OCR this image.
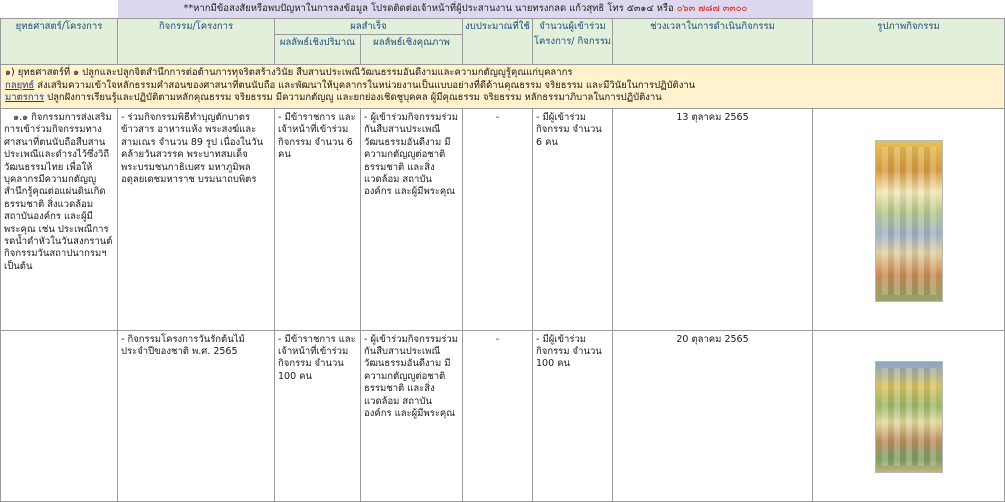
**หากมีข้อสงสัยหรือพบปัญหาในการลงข้อมูล โปรดติดต่อเจ้าหน้าที่ผู้ประสานงาน นายทรงกลด แก้วสุทธิ โทร ๕๓๑๔ หรือ ๐๖๓ ๗๘๗ ๓๓๐๐
ยุทธศาสตร์/โครงการ	กิจกรรม/โครงการ	ผลสำเร็จ		งบประมาณที่ใช้	จำนวนผู้เข้าร่วม โครงการ/ กิจกรรม	ช่วงเวลาในการดำเนินกิจกรรม	รูปภาพกิจกรรม
		ผลลัพธ์เชิงปริมาณ	ผลลัพธ์เชิงคุณภาพ				

๑) ยุทธศาสตร์ที่ ๑ ปลูกและปลูกจิตสำนึกการต่อต้านการทุจริตสร้างวินัย สืบสานประเพณีวัฒนธรรมอันดีงามและความกตัญญูรู้คุณแก่บุคลากร
กลยุทธ์ ส่งเสริมความเข้าใจหลักธรรมคำสอนของศาสนาที่ตนนับถือ และพัฒนาให้บุคลากรในหน่วยงานเป็นแบบอย่างที่ดีด้านคุณธรรม จริยธรรม และมีวินัยในการปฏิบัติงาน
มาตรการ ปลูกฝังการเรียนรู้และปฏิบัติตามหลักคุณธรรม จริยธรรม มีความกตัญญู และยกย่องเชิดชูบุคคล ผู้มีคุณธรรม จริยธรรม หลักธรรมาภิบาลในการปฏิบัติงาน							

๑.๑ กิจกรรมการส่งเสริมการเข้าร่วมกิจกรรมทางศาสนาที่ตนนับถือสืบสานประเพณีและดำรงไว้ซึ่งวิถีวัฒนธรรมไทย เพื่อให้บุคลากรมีความกตัญญู สำนึกรู้คุณต่อแผ่นดินเกิด ธรรมชาติ สิ่งแวดล้อม สถาบันองค์กร และผู้มีพระคุณ เช่น ประเพณีการรดน้ำดำหัวในวันสงกรานต์ กิจกรรมวันสถาปนากรมฯ เป็นต้น	- ร่วมกิจกรรมพิธีทำบุญตักบาตรข้าวสาร อาหารแห้ง พระสงฆ์และสามเณร จำนวน 89 รูป เนื่องในวันคล้ายวันสวรรค พระบาทสมเด็จพระบรมชนกาธิเบศร มหาภูมิพลอดุลยเดชมหาราช บรมนาถบพิตร	- มีข้าราชการ และเจ้าหน้าที่เข้าร่วมกิจกรรม จำนวน 6 คน	- ผู้เข้าร่วมกิจกรรมร่วมกันสืบสานประเพณีวัฒนธรรมอันดีงาม มีความกตัญญูต่อชาติ ธรรมชาติ และสิ่งแวดล้อม สถาบันองค์กร และผู้มีพระคุณ	-	- มีผู้เข้าร่วมกิจกรรม จำนวน 6 คน	13 ตุลาคม 2565	

	- กิจกรรมโครงการวันรักต้นไม้ประจำปีของชาติ พ.ศ. 2565	- มีข้าราชการ และเจ้าหน้าที่เข้าร่วมกิจกรรม จำนวน 100 คน	- ผู้เข้าร่วมกิจกรรมร่วมกันสืบสานประเพณีวัฒนธรรมอันดีงาม มีความกตัญญูต่อชาติ ธรรมชาติ และสิ่งแวดล้อม สถาบันองค์กร และผู้มีพระคุณ	-	- มีผู้เข้าร่วมกิจกรรม จำนวน 100 คน	20 ตุลาคม 2565	
